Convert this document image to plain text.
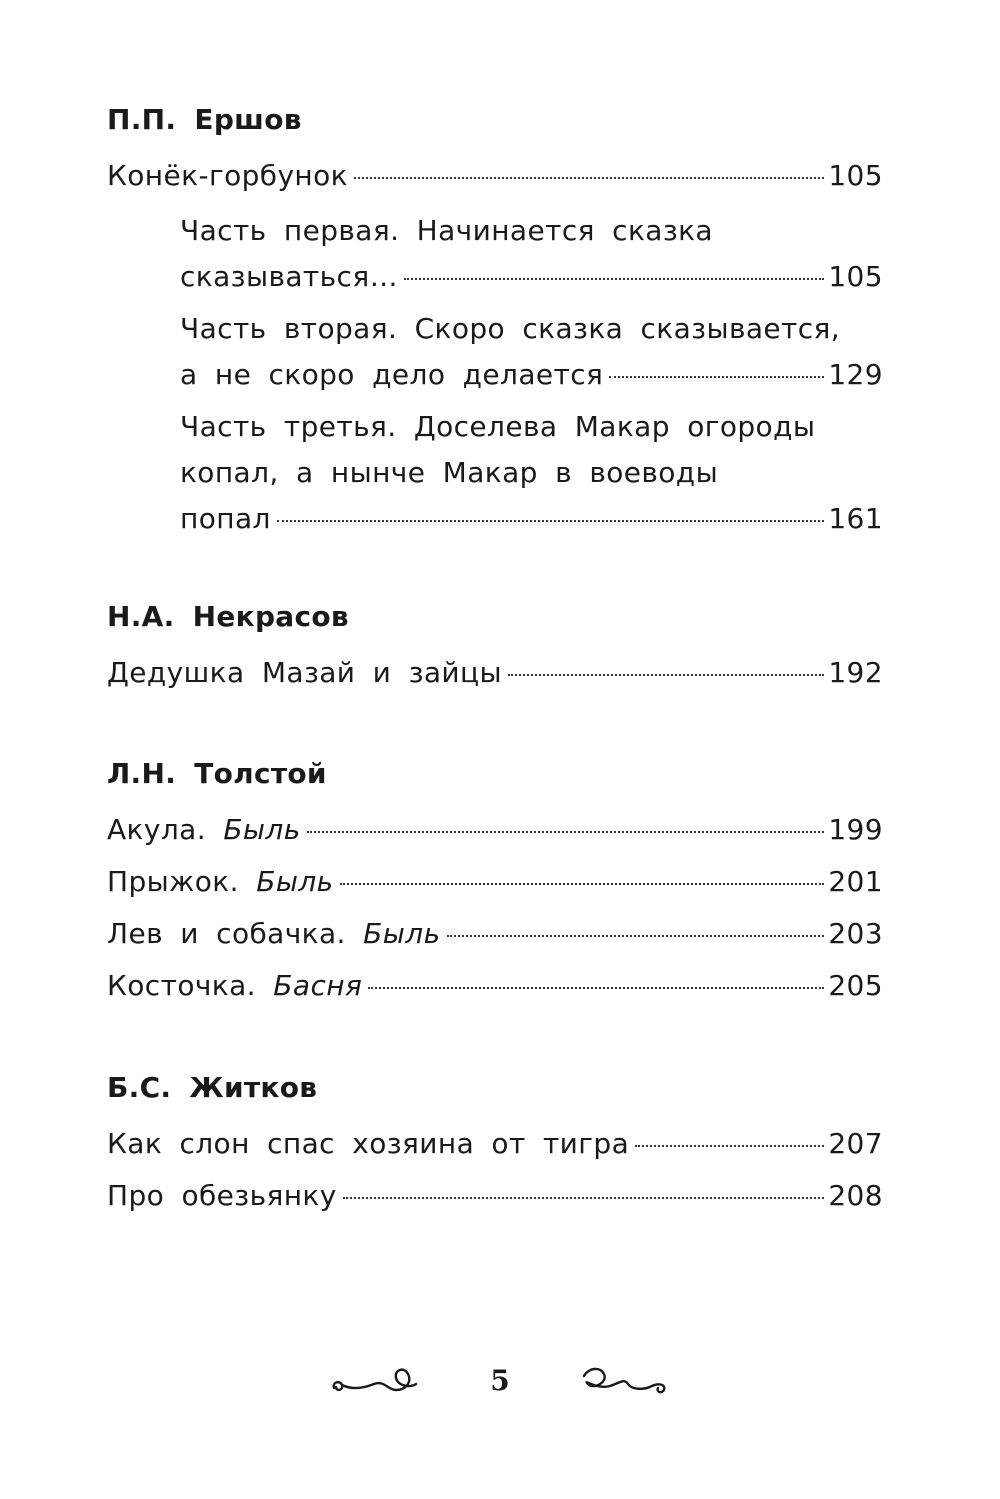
П.П. Ершов
Конёк-горбунок	105
Часть первая. Начинается сказка
сказываться…	105
Часть вторая. Скоро сказка сказывается,
а не скоро дело делается	129
Часть третья. Доселева Макар огороды
копал, а нынче Макар в воеводы
попал	161
Н.А. Некрасов
Дедушка Мазай и зайцы	192
Л.Н. Толстой
Акула. Быль	199
Прыжок. Быль	201
Лев и собачка. Быль	203
Косточка. Басня	205
Б.С. Житков
Как слон спас хозяина от тигра	207
Про обезьянку	208
5
